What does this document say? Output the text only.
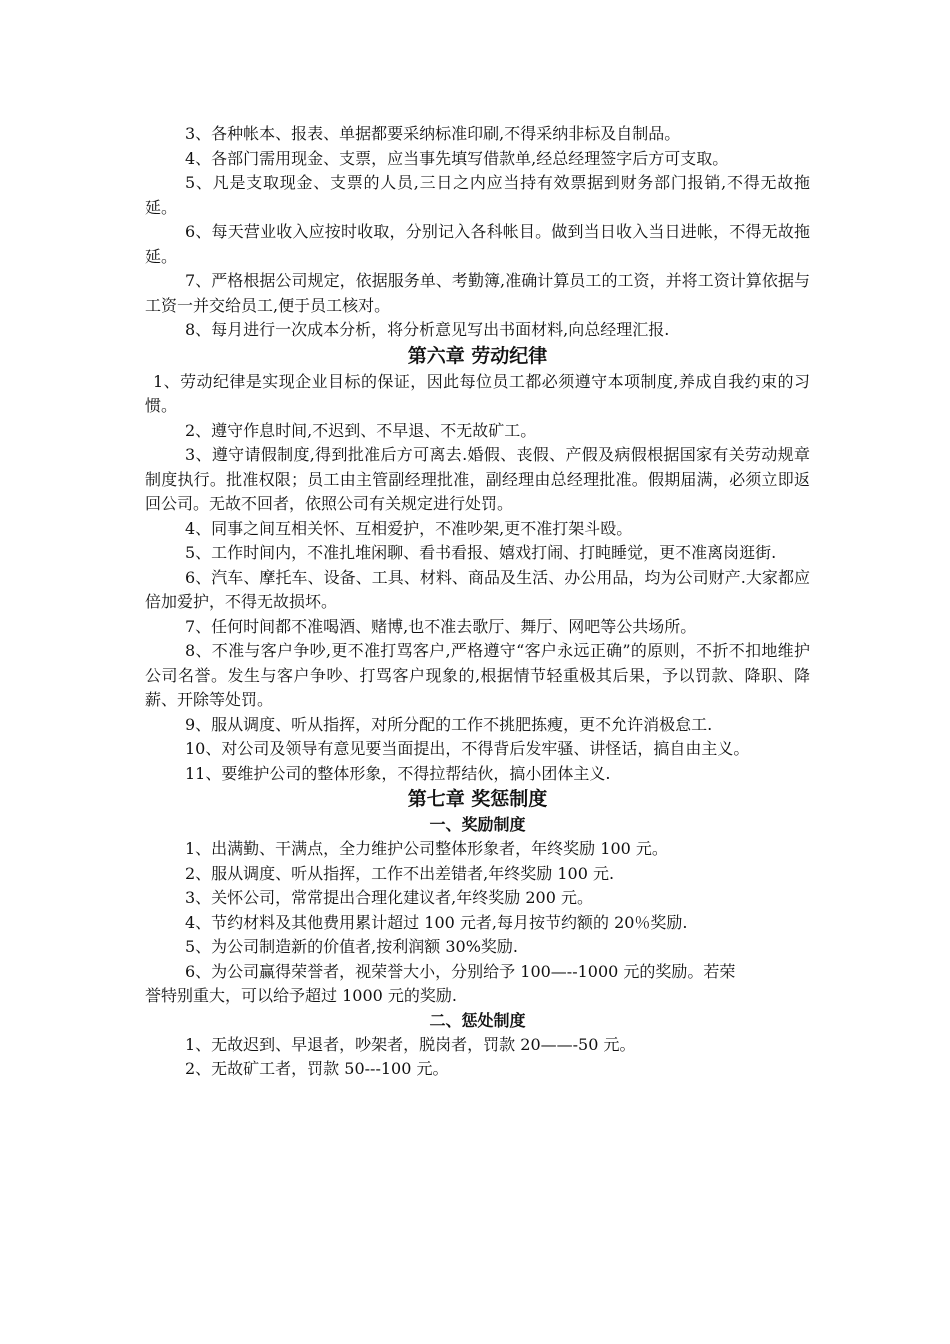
3、各种帐本、报表、单据都要采纳标准印刷,不得采纳非标及自制品。

4、各部门需用现金、支票，应当事先填写借款单,经总经理签字后方可支取。

5、凡是支取现金、支票的人员,三日之内应当持有效票据到财务部门报销,不得无故拖延。

6、每天营业收入应按时收取，分别记入各科帐目。做到当日收入当日进帐，不得无故拖延。

7、严格根据公司规定，依据服务单、考勤簿,准确计算员工的工资，并将工资计算依据与工资一并交给员工,便于员工核对。

8、每月进行一次成本分析，将分析意见写出书面材料,向总经理汇报.

第六章 劳动纪律

1、劳动纪律是实现企业目标的保证，因此每位员工都必须遵守本项制度,养成自我约束的习惯。

2、遵守作息时间,不迟到、不早退、不无故矿工。

3、遵守请假制度,得到批准后方可离去.婚假、丧假、产假及病假根据国家有关劳动规章制度执行。批准权限；员工由主管副经理批准，副经理由总经理批准。假期届满，必须立即返回公司。无故不回者，依照公司有关规定进行处罚。

4、同事之间互相关怀、互相爱护，不准吵架,更不准打架斗殴。

5、工作时间内，不准扎堆闲聊、看书看报、嬉戏打闹、打盹睡觉，更不准离岗逛街.

6、汽车、摩托车、设备、工具、材料、商品及生活、办公用品，均为公司财产.大家都应倍加爱护，不得无故损坏。

7、任何时间都不准喝酒、赌博,也不准去歌厅、舞厅、网吧等公共场所。

8、不准与客户争吵,更不准打骂客户,严格遵守“客户永远正确”的原则，不折不扣地维护公司名誉。发生与客户争吵、打骂客户现象的,根据情节轻重极其后果，予以罚款、降职、降薪、开除等处罚。

9、服从调度、听从指挥，对所分配的工作不挑肥拣瘦，更不允许消极怠工.

10、对公司及领导有意见要当面提出，不得背后发牢骚、讲怪话，搞自由主义。

11、要维护公司的整体形象，不得拉帮结伙，搞小团体主义.

第七章 奖惩制度
一、奖励制度

1、出满勤、干满点，全力维护公司整体形象者，年终奖励 100 元。

2、服从调度、听从指挥，工作不出差错者,年终奖励 100 元.

3、关怀公司，常常提出合理化建议者,年终奖励 200 元。

4、节约材料及其他费用累计超过 100 元者,每月按节约额的 20％奖励.

5、为公司制造新的价值者,按利润额 30%奖励.

6、为公司赢得荣誉者，视荣誉大小，分别给予 100—--1000 元的奖励。若荣

誉特别重大，可以给予超过 1000 元的奖励.

二、惩处制度

1、无故迟到、早退者，吵架者，脱岗者，罚款 20——-50 元。

2、无故矿工者，罚款 50---100 元。
